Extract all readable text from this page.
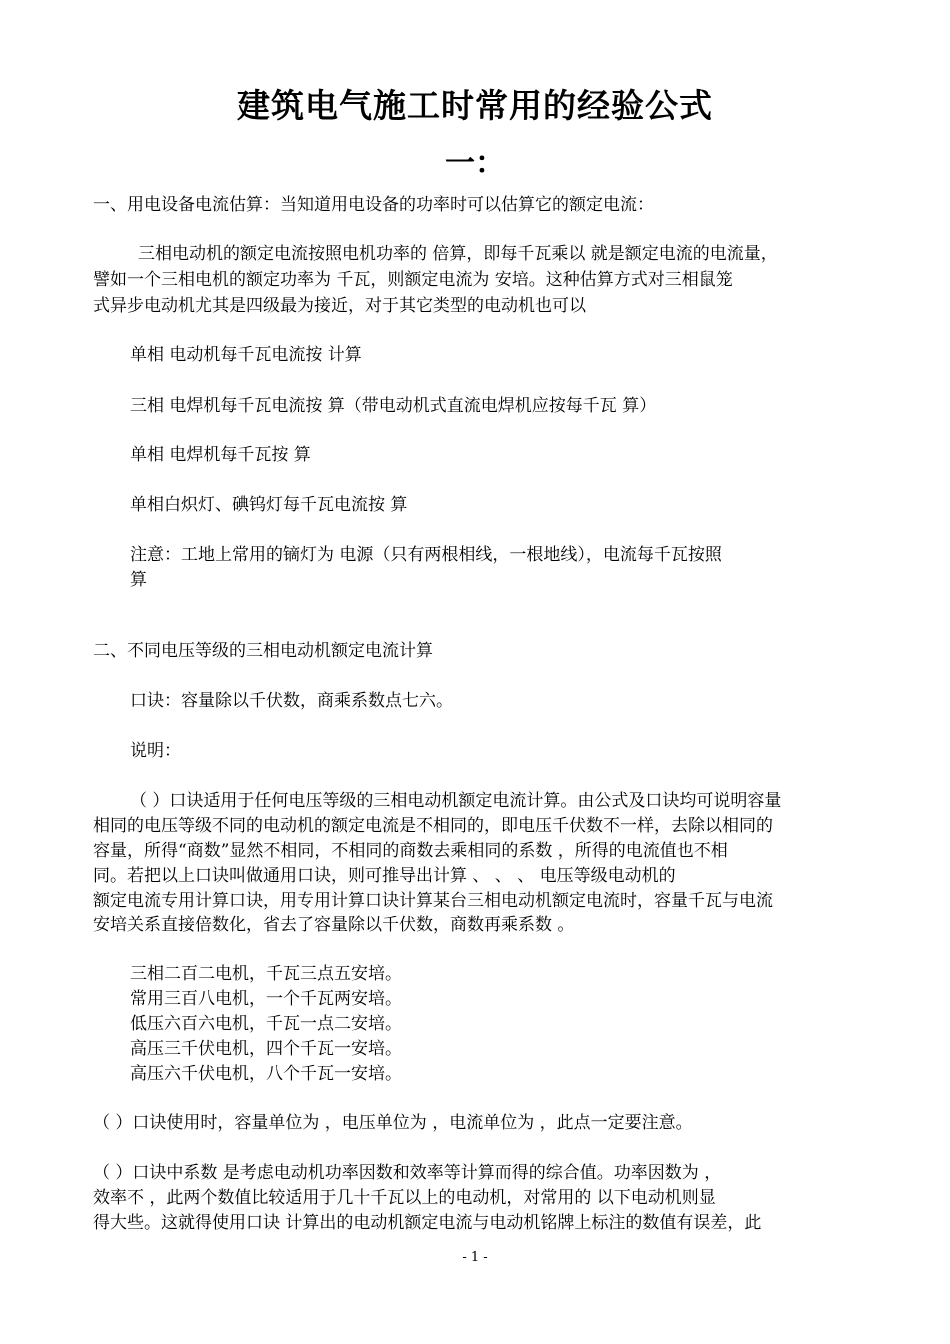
建筑电气施工时常用的经验公式
一：
一、用电设备电流估算：当知道用电设备的功率时可以估算它的额定电流：
三相电动机的额定电流按照电机功率的 倍算，即每千瓦乘以 就是额定电流的电流量，
譬如一个三相电机的额定功率为 千瓦，则额定电流为 安培。这种估算方式对三相鼠笼
式异步电动机尤其是四级最为接近，对于其它类型的电动机也可以
单相 电动机每千瓦电流按 计算
三相 电焊机每千瓦电流按 算（带电动机式直流电焊机应按每千瓦 算）
单相 电焊机每千瓦按 算
单相白炽灯、碘钨灯每千瓦电流按 算
注意：工地上常用的镝灯为 电源（只有两根相线，一根地线），电流每千瓦按照
算
二、不同电压等级的三相电动机额定电流计算
口诀：容量除以千伏数，商乘系数点七六。
说明：
（ ）口诀适用于任何电压等级的三相电动机额定电流计算。由公式及口诀均可说明容量
相同的电压等级不同的电动机的额定电流是不相同的，即电压千伏数不一样，去除以相同的
容量，所得“商数”显然不相同，不相同的商数去乘相同的系数 ，所得的电流值也不相
同。若把以上口诀叫做通用口诀，则可推导出计算 、 、 、 电压等级电动机的
额定电流专用计算口诀，用专用计算口诀计算某台三相电动机额定电流时，容量千瓦与电流
安培关系直接倍数化，省去了容量除以千伏数，商数再乘系数 。
三相二百二电机，千瓦三点五安培。
常用三百八电机，一个千瓦两安培。
低压六百六电机，千瓦一点二安培。
高压三千伏电机，四个千瓦一安培。
高压六千伏电机，八个千瓦一安培。
（ ）口诀使用时，容量单位为 ，电压单位为 ，电流单位为 ，此点一定要注意。
（ ）口诀中系数 是考虑电动机功率因数和效率等计算而得的综合值。功率因数为 ，
效率不 ，此两个数值比较适用于几十千瓦以上的电动机，对常用的 以下电动机则显
得大些。这就得使用口诀 计算出的电动机额定电流与电动机铭牌上标注的数值有误差，此
- 1 -
